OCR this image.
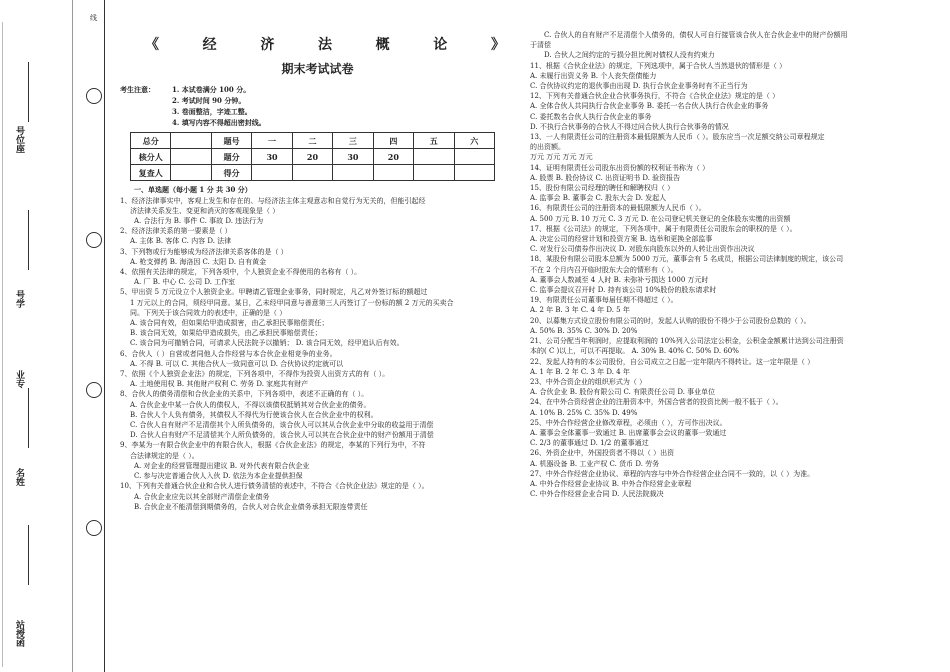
号位座
号学
业专
名姓
站授函
线
《	经	济	法	概	论	》
期末考试试卷
考生注意： 1. 本试卷满分 100 分。
2. 考试时间 90 分钟。
3. 卷面整洁，字迹工整。
4. 填写内容不得超出密封线。
总分		题号	一	二	三	四	五	六
核分人		题分	30	20	30	20		
复查人		得分						
一、单选题（每小题 1 分 共 30 分）
1、经济法律事实中，客观上发生和存在的、与经济法主体主观意志和自觉行为无关的，但能引起经
济法律关系发生、变更和消灭的客观现象是（ ）
A. 合法行为 B. 事件 C. 事故 D. 违法行为
2、经济法律关系的第一要素是（ ）
A. 主体 B. 客体 C. 内容 D. 法律
3、下列物或行为能够成为经济法律关系客体的是（ ）
A. 枪支弹药 B. 海洛因 C. 太阳 D. 自有黄金
4、依照有关法律的规定，下列各项中，个人独资企业不得使用的名称有（ ）。
A. 厂 B. 中心 C. 公司 D. 工作室
5、甲出资 5 万元设立个人独资企业。甲聘请乙管理企业事务，同时规定，凡乙对外签订标的额超过
1 万元以上的合同，须经甲同意。某日，乙未经甲同意与善意第三人丙签订了一份标的额 2 万元的买卖合
同。下列关于该合同效力的表述中，正确的是（ ）
A. 该合同有效，但如果给甲造成损害，由乙承担民事赔偿责任；
B. 该合同无效，如果给甲造成损失，由乙承担民事赔偿责任；
C. 该合同为可撤销合同，可请求人民法院予以撤销； D. 该合同无效，经甲追认后有效。
6、合伙人（ ）自营或者同他人合作经营与本合伙企业相竞争的业务。
A. 不得 B. 可以 C. 其他合伙人一致同意可以 D. 合伙协议约定就可以
7、依照《个人独资企业法》的规定，下列各项中，不得作为投资人出资方式的有（ ）。
A. 土地使用权 B. 其他财产权利 C. 劳务 D. 家庭共有财产
8、合伙人的债务清偿和合伙企业的关系中，下列各项中，表述不正确的有（ ）。
A. 合伙企业中某一合伙人的债权人，不得以该债权抵销其对合伙企业的债务。
B. 合伙人个人负有债务，其债权人不得代为行使该合伙人在合伙企业中的权利。
C. 合伙人自有财产不足清偿其个人所负债务的，该合伙人可以其从合伙企业中分取的收益用于清偿
D. 合伙人自有财产不足清偿其个人所负债务的，该合伙人可以其在合伙企业中的财产份额用于清偿
9、李某为一有限合伙企业中的有限合伙人，根据《合伙企业法》的规定，李某的下列行为中，不符
合法律规定的是（ ）。
A. 对企业的经营管理提出建议 B. 对外代表有限合伙企业
C. 参与决定普通合伙人入伙 D. 依法为本企业提供担保
10、下列有关普通合伙企业和合伙人进行债务清偿的表述中，不符合《合伙企业法》规定的是（ ）。
A. 合伙企业应先以其全部财产清偿企业债务
B. 合伙企业不能清偿到期债务的，合伙人对合伙企业债务承担无限连带责任
C. 合伙人的自有财产不足清偿个人债务的，债权人可自行接管该合伙人在合伙企业中的财产份额用
于清偿
D. 合伙人之间约定的亏损分担比例对债权人没有约束力
11、根据《合伙企业法》的规定，下列选项中，属于合伙人当然退伙的情形是（ ）
A. 未履行出资义务 B. 个人丧失偿债能力
C. 合伙协议约定的退伙事由出现 D. 执行合伙企业事务时有不正当行为
12、下列有关普通合伙企业合伙事务执行，不符合《合伙企业法》规定的是（ ）
A. 全体合伙人共同执行合伙企业事务 B. 委托一名合伙人执行合伙企业的事务
C. 委托数名合伙人执行合伙企业的事务
D. 不执行合伙事务的合伙人不得过问合伙人执行合伙事务的情况
13、一人有限责任公司的注册资本最低限额为人民币（ ）。股东应当一次足额交纳公司章程规定
的出资额。
万元 万元 万元 万元
14、证明有限责任公司股东出资份额的权利证书称为（ ）
A. 股票 B. 股份协议 C. 出资证明书 D. 验资报告
15、股份有限公司经理的聘任和解聘权归（ ）
A. 监事会 B. 董事会 C. 股东大会 D. 发起人
16、有限责任公司的注册资本的最低限额为人民币（ ）。
A. 500 万元 B. 10 万元 C. 3 万元 D. 在公司登记机关登记的全体股东实缴的出资额
17、根据《公司法》的规定，下列各项中，属于有限责任公司股东会的职权的是（ ）。
A. 决定公司的经营计划和投资方案 B. 选举和更换全部监事
C. 对发行公司债券作出决议 D. 对股东向股东以外的人转让出资作出决议
18、某股份有限公司股本总额为 5000 万元，董事会有 5 名成员，根据公司法律制度的规定，该公司
不在 2 个月内召开临时股东大会的情形有（ ）。
A. 董事会人数减至 4 人时 B. 未弥补亏损达 1000 万元时
C. 监事会提议召开时 D. 持有该公司 10%股份的股东请求时
19、有限责任公司董事每届任期不得超过（ ）。
A. 2 年 B. 3 年 C. 4 年 D. 5 年
20、以募集方式设立股份有限公司的时，发起人认购的股份不得少于公司股份总数的（ ）。
A. 50% B. 35% C. 30% D. 20%
21、公司分配当年利润时，应提取利润的 10%列入公司法定公积金，公积金金额累计达到公司注册资
本的( C )以上，可以不再提取。 A. 30% B. 40% C. 50% D. 60%
22、发起人持有的本公司股份，自公司成立之日起一定年限内不得转让。这一定年限是（ ）
A. 1 年 B. 2 年 C. 3 年 D. 4 年
23、中外合资企业的组织形式为（ ）
A. 合伙企业 B. 股份有限公司 C. 有限责任公司 D. 事业单位
24、在中外合资经营企业的注册资本中，外国合营者的投资比例一般不低于（ ）。
A. 10% B. 25% C. 35% D. 49%
25、中外合作经营企业修改章程，必须由（ ），方可作出决议。
A. 董事会全体董事一致通过 B. 出席董事会会议的董事一致通过
C. 2/3 的董事通过 D. 1/2 的董事通过
26、外资企业中，外国投资者不得以（ ）出资
A. 机器设备 B. 工业产权 C. 货币 D. 劳务
27、中外合作经营企业协议、章程的内容与中外合作经营企业合同不一致的，以（ ）为准。
A. 中外合作经营企业协议 B. 中外合作经营企业章程
C. 中外合作经营企业合同 D. 人民法院裁决
